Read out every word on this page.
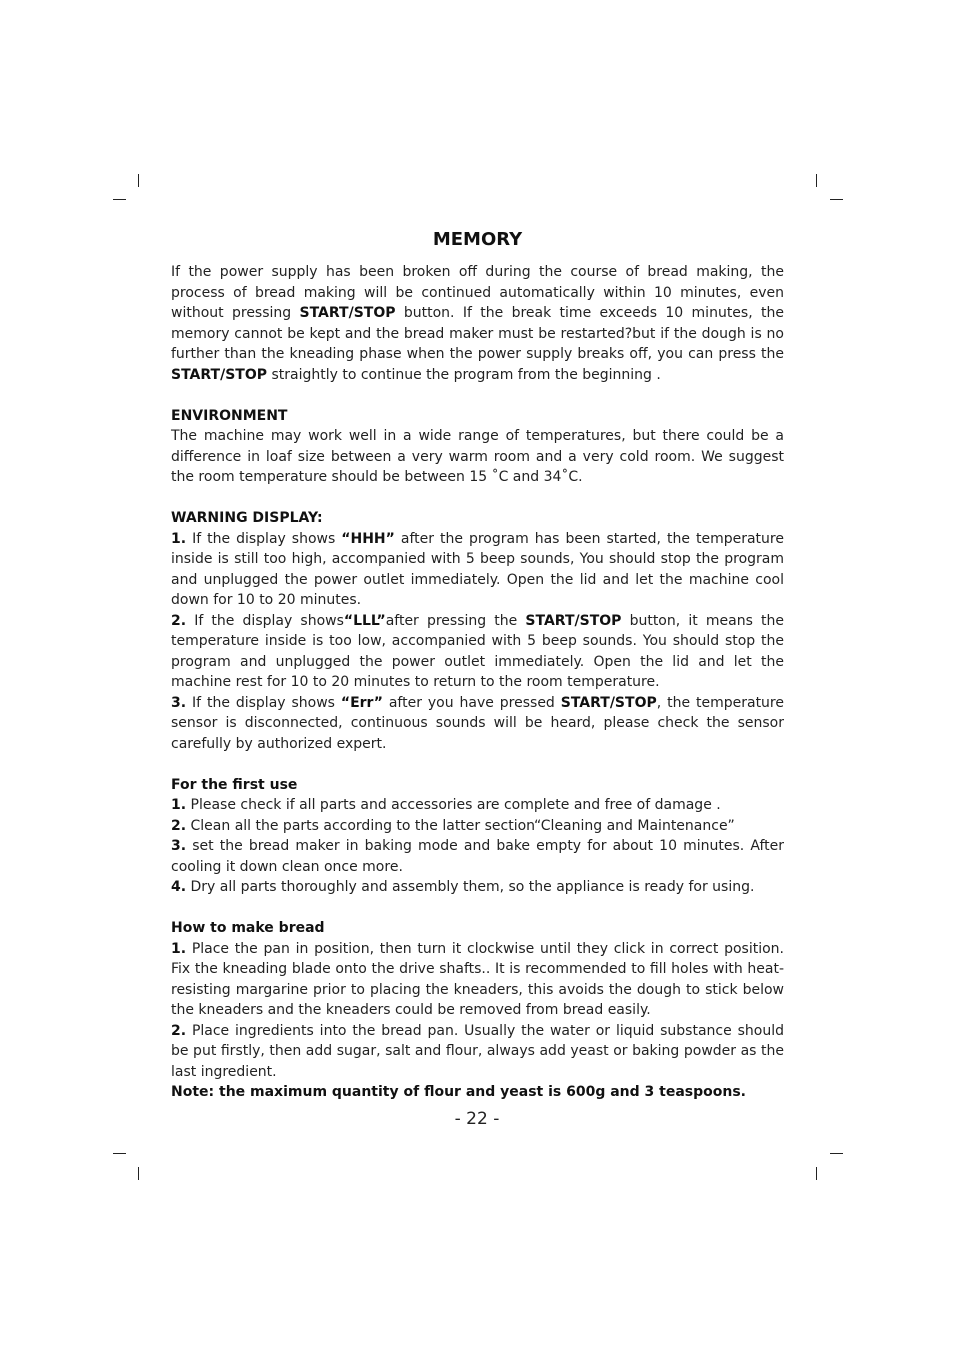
MEMORY

If the power supply has been broken off during the course of bread making, the process of bread making will be continued automatically within 10 minutes, even without pressing START/STOP button. If the break time exceeds 10 minutes, the memory cannot be kept and the bread maker must be restarted?but if the dough is no further than the kneading phase when the power supply breaks off, you can press the START/STOP straightly to continue the program from the beginning .

ENVIRONMENT

The machine may work well in a wide range of temperatures, but there could be a difference in loaf size between a very warm room and a very cold room. We suggest the room temperature should be between 15 ˚C and 34˚C.

WARNING DISPLAY:

1. If the display shows “HHH” after the program has been started, the temperature inside is still too high, accompanied with 5 beep sounds, You should stop the program and unplugged the power outlet immediately. Open the lid and let the machine cool down for 10 to 20 minutes.

2. If the display shows“LLL”after pressing the START/STOP button, it means the temperature inside is too low, accompanied with 5 beep sounds. You should stop the program and unplugged the power outlet immediately. Open the lid and let the machine rest for 10 to 20 minutes to return to the room temperature.

3. If the display shows “Err” after you have pressed START/STOP, the temperature sensor is disconnected, continuous sounds will be heard, please check the sensor carefully by authorized expert.

For the first use

1. Please check if all parts and accessories are complete and free of damage .

2. Clean all the parts according to the latter section“Cleaning and Maintenance”

3. set the bread maker in baking mode and bake empty for about 10 minutes. After cooling it down clean once more.

4. Dry all parts thoroughly and assembly them, so the appliance is ready for using.

How to make bread

1. Place the pan in position, then turn it clockwise until they click in correct position. Fix the kneading blade onto the drive shafts.. It is recommended to fill holes with heat-resisting margarine prior to placing the kneaders, this avoids the dough to stick below the kneaders and the kneaders could be removed from bread easily.

2. Place ingredients into the bread pan. Usually the water or liquid substance should be put firstly, then add sugar, salt and flour, always add yeast or baking powder as the last ingredient.

Note: the maximum quantity of flour and yeast is 600g and 3 teaspoons.

- 22 -
